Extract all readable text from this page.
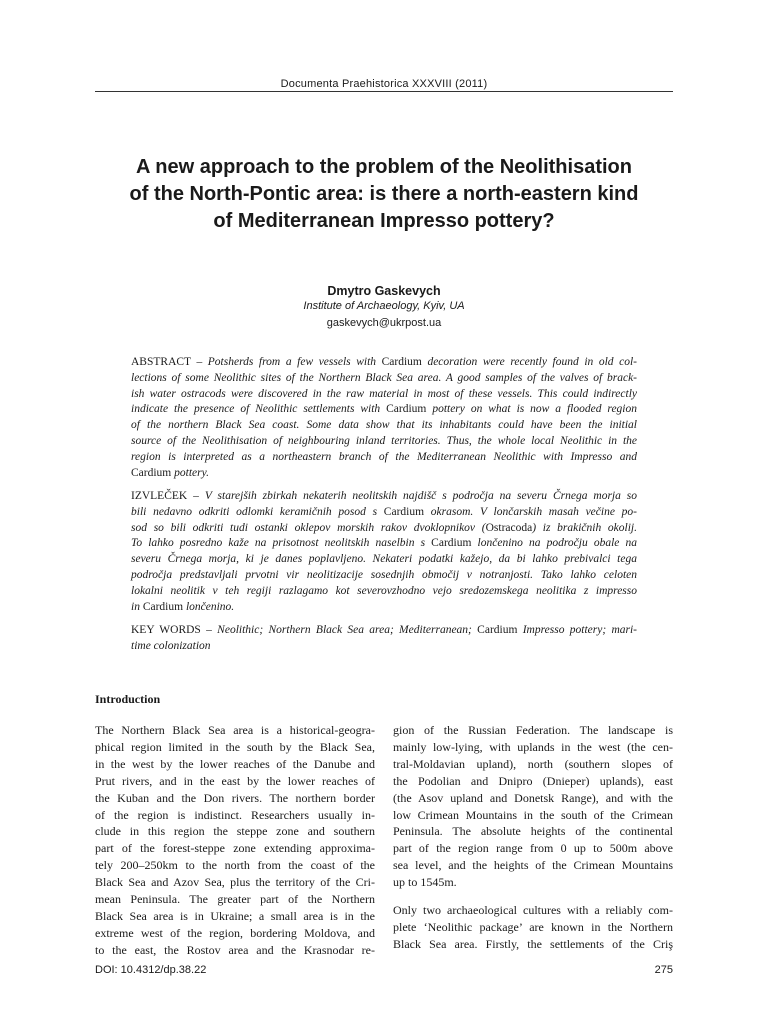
Documenta Praehistorica XXXVIII (2011)
A new approach to the problem of the Neolithisation
of the North-Pontic area: is there a north-eastern kind
of Mediterranean Impresso pottery?
Dmytro Gaskevych
Institute of Archaeology, Kyiv, UA
gaskevych@ukrpost.ua
ABSTRACT – Potsherds from a few vessels with Cardium decoration were recently found in old col-
lections of some Neolithic sites of the Northern Black Sea area. A good samples of the valves of brack-
ish water ostracods were discovered in the raw material in most of these vessels. This could indirectly
indicate the presence of Neolithic settlements with Cardium pottery on what is now a flooded region
of the northern Black Sea coast. Some data show that its inhabitants could have been the initial
source of the Neolithisation of neighbouring inland territories. Thus, the whole local Neolithic in the
region is interpreted as a northeastern branch of the Mediterranean Neolithic with Impresso and
Cardium pottery.
IZVLEČEK – V starejših zbirkah nekaterih neolitskih najdišč s področja na severu Črnega morja so
bili nedavno odkriti odlomki keramičnih posod s Cardium okrasom. V lončarskih masah večine po-
sod so bili odkriti tudi ostanki oklepov morskih rakov dvoklopnikov (Ostracoda) iz brakičnih okolij.
To lahko posredno kaže na prisotnost neolitskih naselbin s Cardium lončenino na področju obale na
severu Črnega morja, ki je danes poplavljeno. Nekateri podatki kažejo, da bi lahko prebivalci tega
področja predstavljali prvotni vir neolitizacije sosednjih območij v notranjosti. Tako lahko celoten
lokalni neolitik v teh regiji razlagamo kot severovzhodno vejo sredozemskega neolitika z impresso
in Cardium lončenino.
KEY WORDS – Neolithic; Northern Black Sea area; Mediterranean; Cardium Impresso pottery; mari-
time colonization
Introduction
The Northern Black Sea area is a historical-geogra-
phical region limited in the south by the Black Sea,
in the west by the lower reaches of the Danube and
Prut rivers, and in the east by the lower reaches of
the Kuban and the Don rivers. The northern border
of the region is indistinct. Researchers usually in-
clude in this region the steppe zone and southern
part of the forest-steppe zone extending approxima-
tely 200–250km to the north from the coast of the
Black Sea and Azov Sea, plus the territory of the Cri-
mean Peninsula. The greater part of the Northern
Black Sea area is in Ukraine; a small area is in the
extreme west of the region, bordering Moldova, and
to the east, the Rostov area and the Krasnodar re-
gion of the Russian Federation. The landscape is
mainly low-lying, with uplands in the west (the cen-
tral-Moldavian upland), north (southern slopes of
the Podolian and Dnipro (Dnieper) uplands), east
(the Asov upland and Donetsk Range), and with the
low Crimean Mountains in the south of the Crimean
Peninsula. The absolute heights of the continental
part of the region range from 0 up to 500m above
sea level, and the heights of the Crimean Mountains
up to 1545m.
Only two archaeological cultures with a reliably com-
plete ‘Neolithic package’ are known in the Northern
Black Sea area. Firstly, the settlements of the Criş
DOI: 10.4312/dp.38.22	275
